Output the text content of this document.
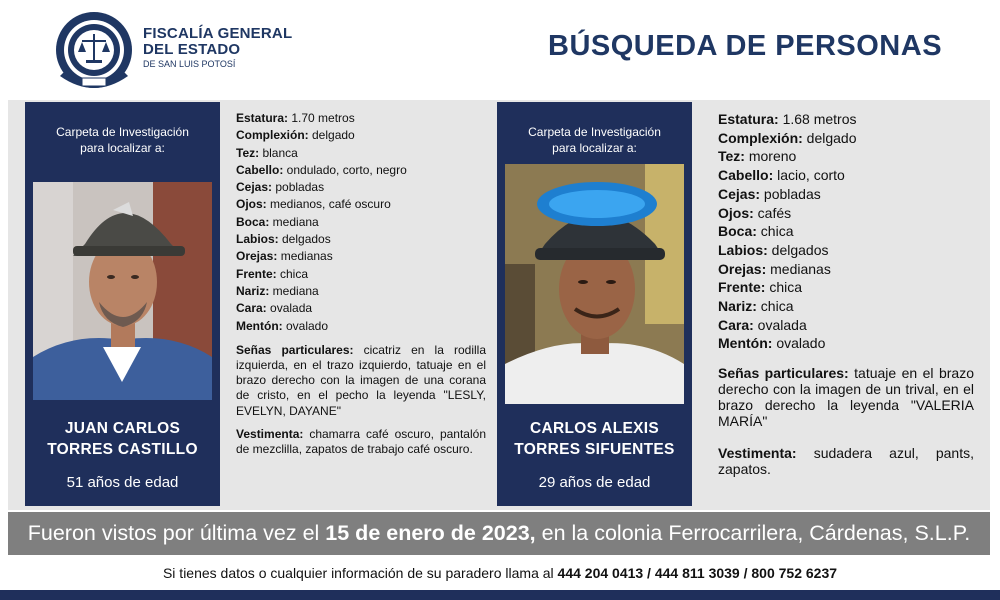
FISCALÍA GENERAL
DEL ESTADO
DE SAN LUIS POTOSÍ
BÚSQUEDA DE PERSONAS
Carpeta de Investigación
para localizar a:
JUAN CARLOS
TORRES CASTILLO
51 años de edad
Estatura: 1.70 metros
Complexión: delgado
Tez: blanca
Cabello: ondulado, corto, negro
Cejas: pobladas
Ojos: medianos, café oscuro
Boca: mediana
Labios: delgados
Orejas: medianas
Frente: chica
Nariz: mediana
Cara: ovalada
Mentón: ovalado
Señas particulares: cicatriz en la rodilla izquierda, en el trazo izquierdo, tatuaje en el brazo derecho con la imagen de una corana de cristo, en el pecho la leyenda "LESLY, EVELYN, DAYANE"
Vestimenta: chamarra café oscuro, pantalón de mezclilla, zapatos de trabajo café oscuro.
Carpeta de Investigación
para localizar a:
CARLOS ALEXIS
TORRES SIFUENTES
29 años de edad
Estatura: 1.68 metros
Complexión: delgado
Tez: moreno
Cabello: lacio, corto
Cejas: pobladas
Ojos: cafés
Boca: chica
Labios: delgados
Orejas: medianas
Frente: chica
Nariz: chica
Cara: ovalada
Mentón: ovalado
Señas particulares: tatuaje en el brazo derecho con la imagen de un trival, en el brazo derecho la leyenda "VALERIA MARÍA"
Vestimenta: sudadera azul, pants, zapatos.
Fueron vistos por última vez el 15 de enero de 2023, en la colonia Ferrocarrilera, Cárdenas, S.L.P.
Si tienes datos o cualquier información de su paradero llama al 444 204 0413 / 444 811 3039 / 800 752 6237
